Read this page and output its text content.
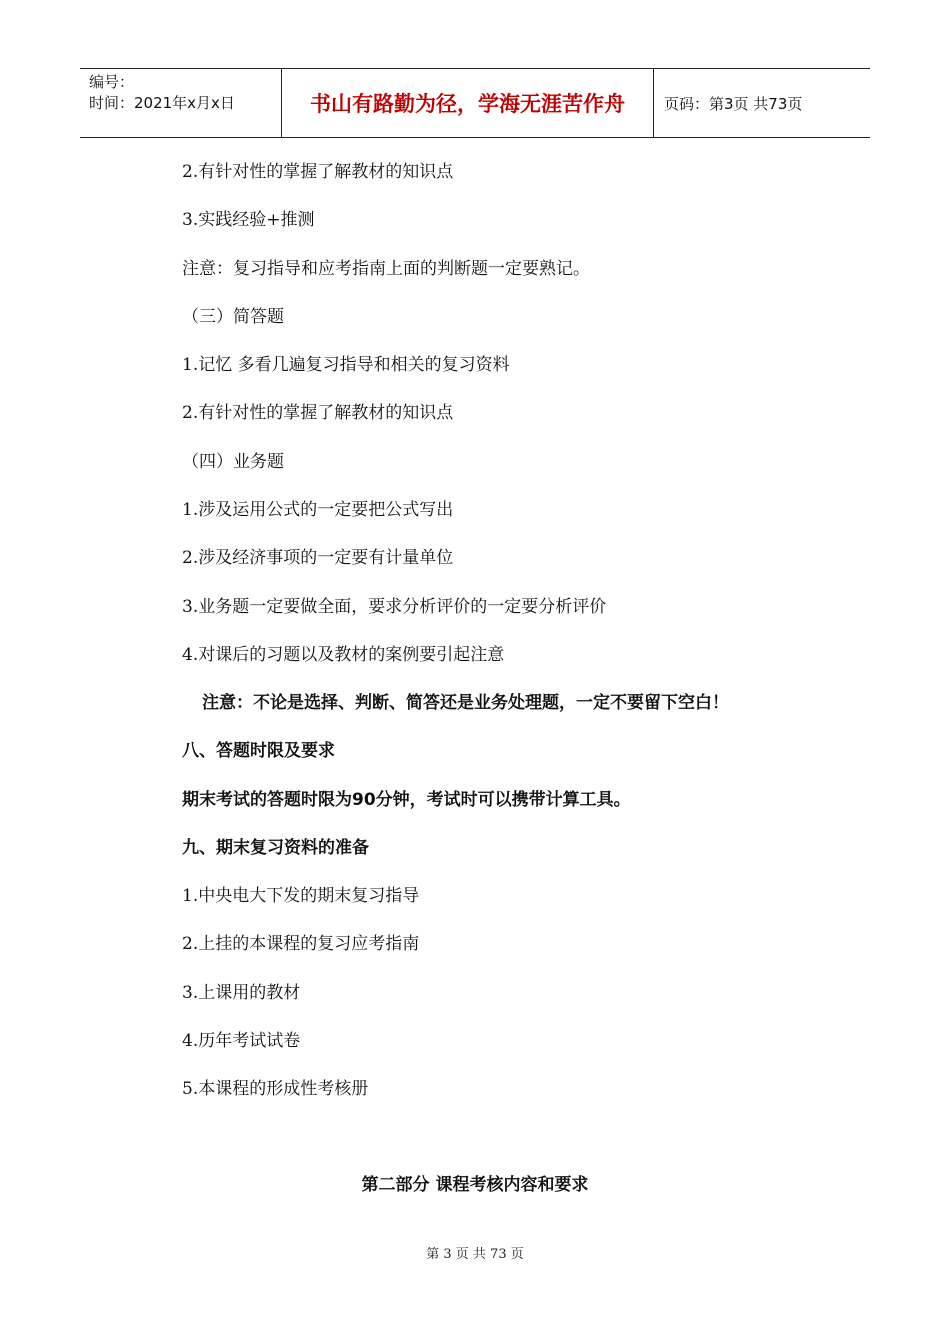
编号：
时间：2021年x月x日	书山有路勤为径，学海无涯苦作舟	页码：第3页 共73页
2.有针对性的掌握了解教材的知识点
3.实践经验+推测
注意：复习指导和应考指南上面的判断题一定要熟记。
（三）简答题
1.记忆 多看几遍复习指导和相关的复习资料
2.有针对性的掌握了解教材的知识点
（四）业务题
1.涉及运用公式的一定要把公式写出
2.涉及经济事项的一定要有计量单位
3.业务题一定要做全面，要求分析评价的一定要分析评价
4.对课后的习题以及教材的案例要引起注意
注意：不论是选择、判断、简答还是业务处理题，一定不要留下空白！
八、答题时限及要求
期末考试的答题时限为90分钟，考试时可以携带计算工具。
九、期末复习资料的准备
1.中央电大下发的期末复习指导
2.上挂的本课程的复习应考指南
3.上课用的教材
4.历年考试试卷
5.本课程的形成性考核册
第二部分 课程考核内容和要求
第 3 页 共 73 页
